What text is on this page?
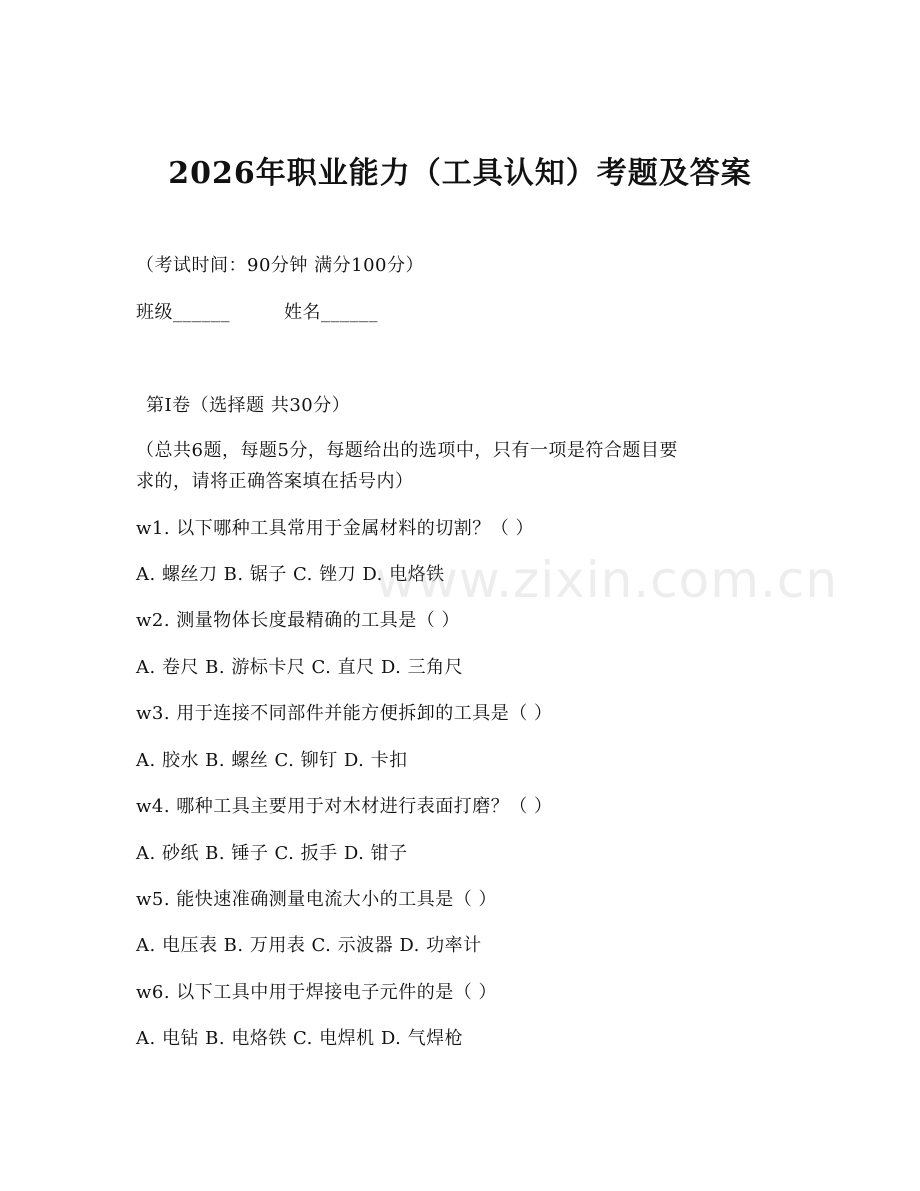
2026年职业能力（工具认知）考题及答案
（考试时间：90分钟 满分100分）
班级______	姓名______
第I卷（选择题 共30分）
（总共6题，每题5分，每题给出的选项中，只有一项是符合题目要
求的，请将正确答案填在括号内）
w1. 以下哪种工具常用于金属材料的切割？（ ）
A. 螺丝刀 B. 锯子 C. 锉刀 D. 电烙铁
w2. 测量物体长度最精确的工具是（ ）
A. 卷尺 B. 游标卡尺 C. 直尺 D. 三角尺
w3. 用于连接不同部件并能方便拆卸的工具是（ ）
A. 胶水 B. 螺丝 C. 铆钉 D. 卡扣
w4. 哪种工具主要用于对木材进行表面打磨？（ ）
A. 砂纸 B. 锤子 C. 扳手 D. 钳子
w5. 能快速准确测量电流大小的工具是（ ）
A. 电压表 B. 万用表 C. 示波器 D. 功率计
w6. 以下工具中用于焊接电子元件的是（ ）
A. 电钻 B. 电烙铁 C. 电焊机 D. 气焊枪
www.zixin.com.cn
